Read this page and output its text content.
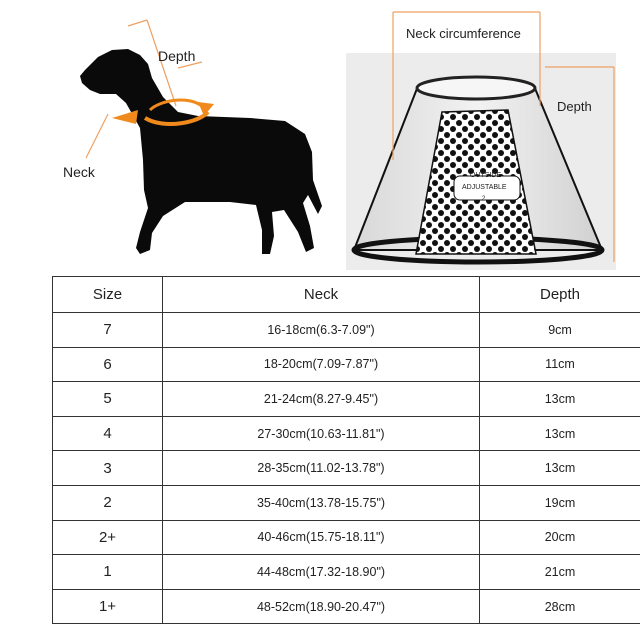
Depth
Neck
Neck circumference
Depth
OUTSIDE
ADJUSTABLE
2
Size	Neck	Depth
7	16-18cm(6.3-7.09")	9cm
6	18-20cm(7.09-7.87")	11cm
5	21-24cm(8.27-9.45")	13cm
4	27-30cm(10.63-11.81")	13cm
3	28-35cm(11.02-13.78")	13cm
2	35-40cm(13.78-15.75")	19cm
2+	40-46cm(15.75-18.11")	20cm
1	44-48cm(17.32-18.90")	21cm
1+	48-52cm(18.90-20.47")	28cm
